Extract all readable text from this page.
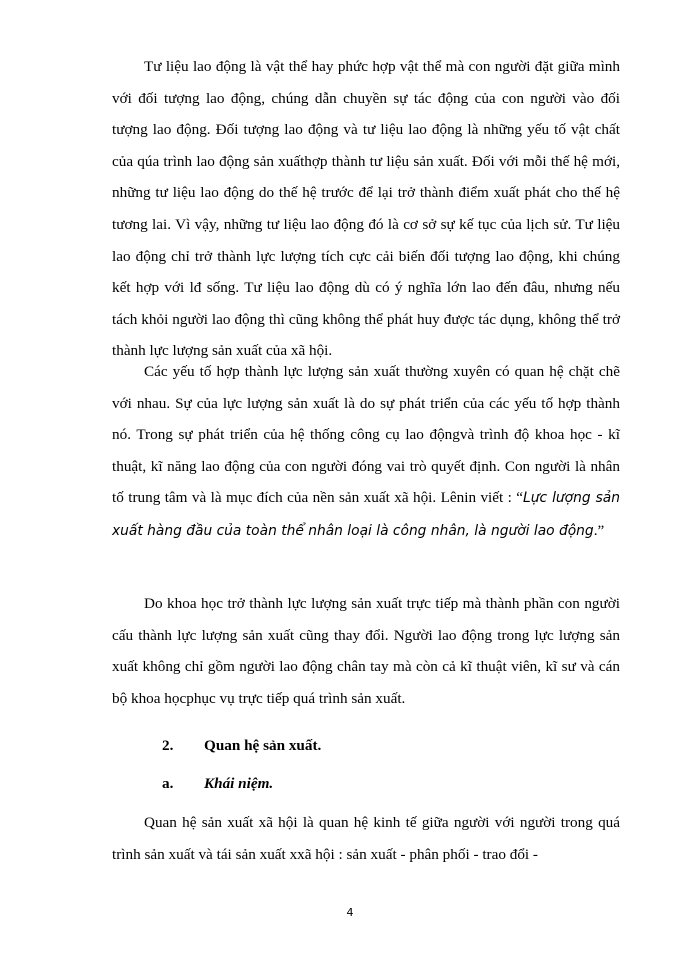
Tư liệu lao động là vật thể hay phức hợp vật thể mà con người đặt giữa mình với đối tượng lao động, chúng dẫn chuyền sự tác động của con người vào đối tượng lao động. Đối tượng lao động và tư liệu lao động là những yếu tố vật chất của qúa trình lao động sản xuấthợp thành tư liệu sản xuất. Đối với mỗi thế hệ mới, những tư liệu lao động do thế hệ trước để lại trở thành điểm xuất phát cho thế hệ tương lai. Vì vậy, những tư liệu lao động đó là cơ sở sự kế tục của lịch sử. Tư liệu lao động chỉ trở thành lực lượng tích cực cải biến đối tượng lao động, khi chúng kết hợp với lđ sống. Tư liệu lao động dù có ý nghĩa lớn lao đến đâu, nhưng nếu tách khỏi người lao động thì cũng không thể phát huy được tác dụng, không thể trở thành lực lượng sản xuất của xã hội.

Các yếu tố hợp thành lực lượng sản xuất thường xuyên có quan hệ chặt chẽ với nhau. Sự của lực lượng sản xuất là do sự phát triển của các yếu tố hợp thành nó. Trong sự phát triển của hệ thống công cụ lao độngvà trình độ khoa học - kĩ thuật, kĩ năng lao động của con người đóng vai trò quyết định. Con người là nhân tố trung tâm và là mục đích của nền sản xuất xã hội. Lênin viết : “Lực lượng sản xuất hàng đầu của toàn thể nhân loại là công nhân, là người lao động.”

Do khoa học trở thành lực lượng sản xuất trực tiếp mà thành phần con người cấu thành lực lượng sản xuất cũng thay đổi. Người lao động trong lực lượng sản xuất không chỉ gồm người lao động chân tay mà còn cả kĩ thuật viên, kĩ sư và cán bộ khoa họcphục vụ trực tiếp quá trình sản xuất.

2. Quan hệ sản xuất.
a. Khái niệm.

Quan hệ sản xuất xã hội là quan hệ kinh tế giữa người với người trong quá trình sản xuất và tái sản xuất xxã hội : sản xuất - phân phối - trao đổi -

4
